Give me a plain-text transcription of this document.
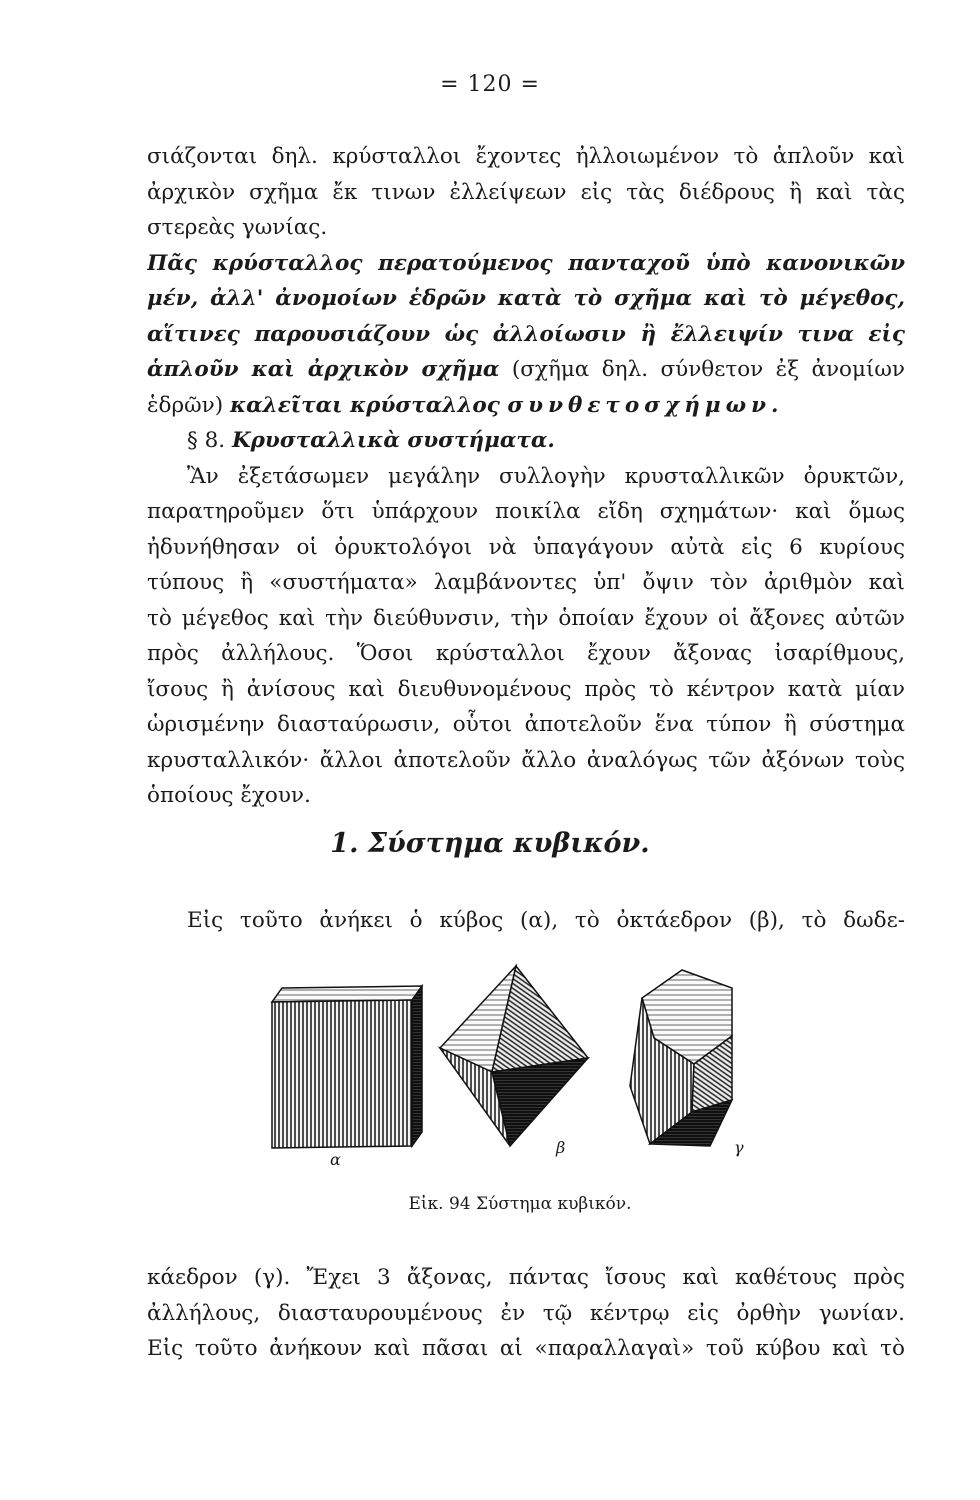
= 120 =
σιάζονται δηλ. κρύσταλλοι ἔχοντες ἠλλοιωμένον τὸ ἁπλοῦν καὶ
ἀρχικὸν σχῆμα ἔκ τινων ἐλλείψεων εἰς τὰς διέδρους ἢ καὶ τὰς
στερεὰς γωνίας.
Πᾶς κρύσταλλος περατούμενος πανταχοῦ ὑπὸ κανονικῶν
μέν, ἀλλ' ἀνομοίων ἑδρῶν κατὰ τὸ σχῆμα καὶ τὸ μέγεθος,
αἵτινες παρουσιάζουν ὡς ἀλλοίωσιν ἢ ἔλλειψίν τινα εἰς
ἁπλοῦν καὶ ἀρχικὸν σχῆμα (σχῆμα δηλ. σύνθετον ἐξ ἀνομίων
ἑδρῶν) καλεῖται κρύσταλλος συνθετοσχήμων.
§ 8. Κρυσταλλικὰ συστήματα.
Ἂν ἐξετάσωμεν μεγάλην συλλογὴν κρυσταλλικῶν ὀρυκτῶν,
παρατηροῦμεν ὅτι ὑπάρχουν ποικίλα εἴδη σχημάτων· καὶ ὅμως
ἠδυνήθησαν οἱ ὀρυκτολόγοι νὰ ὑπαγάγουν αὐτὰ εἰς 6 κυρίους
τύπους ἢ «συστήματα» λαμβάνοντες ὑπ' ὄψιν τὸν ἀριθμὸν καὶ
τὸ μέγεθος καὶ τὴν διεύθυνσιν, τὴν ὁποίαν ἔχουν οἱ ἄξονες αὐτῶν
πρὸς ἀλλήλους. Ὅσοι κρύσταλλοι ἔχουν ἄξονας ἰσαρίθμους,
ἴσους ἢ ἀνίσους καὶ διευθυνομένους πρὸς τὸ κέντρον κατὰ μίαν
ὡρισμένην διασταύρωσιν, οὗτοι ἀποτελοῦν ἕνα τύπον ἢ σύστημα
κρυσταλλικόν· ἄλλοι ἀποτελοῦν ἄλλο ἀναλόγως τῶν ἀξόνων τοὺς
ὁποίους ἔχουν.
1. Σύστημα κυβικόν.
Εἰς τοῦτο ἀνήκει ὁ κύβος (α), τὸ ὀκτάεδρον (β), τὸ δωδε-
α
β	γ
Εἰκ. 94 Σύστημα κυβικόν.
κάεδρον (γ). Ἔχει 3 ἄξονας, πάντας ἴσους καὶ καθέτους πρὸς
ἀλλήλους, διασταυρουμένους ἐν τῷ κέντρῳ εἰς ὀρθὴν γωνίαν.
Εἰς τοῦτο ἀνήκουν καὶ πᾶσαι αἱ «παραλλαγαὶ» τοῦ κύβου καὶ τὸ
